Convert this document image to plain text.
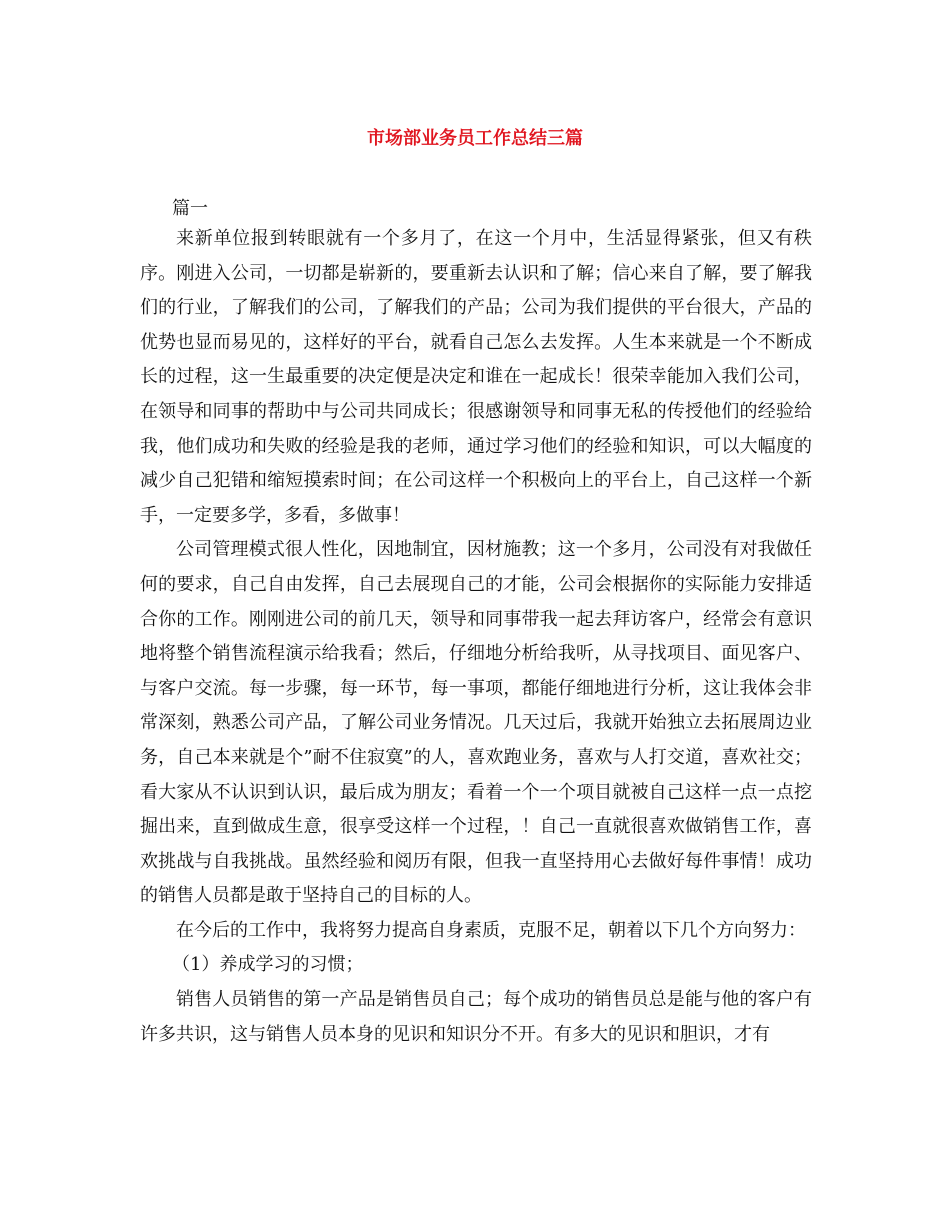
市场部业务员工作总结三篇
篇一

来新单位报到转眼就有一个多月了，在这一个月中，生活显得紧张，但又有秩序。刚进入公司，一切都是崭新的，要重新去认识和了解；信心来自了解，要了解我们的行业，了解我们的公司，了解我们的产品；公司为我们提供的平台很大，产品的优势也显而易见的，这样好的平台，就看自己怎么去发挥。人生本来就是一个不断成长的过程，这一生最重要的决定便是决定和谁在一起成长！很荣幸能加入我们公司，在领导和同事的帮助中与公司共同成长；很感谢领导和同事无私的传授他们的经验给我，他们成功和失败的经验是我的老师，通过学习他们的经验和知识，可以大幅度的减少自己犯错和缩短摸索时间；在公司这样一个积极向上的平台上，自己这样一个新手，一定要多学，多看，多做事！

公司管理模式很人性化，因地制宜，因材施教；这一个多月，公司没有对我做任何的要求，自己自由发挥，自己去展现自己的才能，公司会根据你的实际能力安排适合你的工作。刚刚进公司的前几天，领导和同事带我一起去拜访客户，经常会有意识地将整个销售流程演示给我看；然后，仔细地分析给我听，从寻找项目、面见客户、与客户交流。每一步骤，每一环节，每一事项，都能仔细地进行分析，这让我体会非常深刻，熟悉公司产品，了解公司业务情况。几天过后，我就开始独立去拓展周边业务，自己本来就是个”耐不住寂寞”的人，喜欢跑业务，喜欢与人打交道，喜欢社交；看大家从不认识到认识，最后成为朋友；看着一个一个项目就被自己这样一点一点挖掘出来，直到做成生意，很享受这样一个过程，！自己一直就很喜欢做销售工作，喜欢挑战与自我挑战。虽然经验和阅历有限，但我一直坚持用心去做好每件事情！成功的销售人员都是敢于坚持自己的目标的人。

在今后的工作中，我将努力提高自身素质，克服不足，朝着以下几个方向努力：

（1）养成学习的习惯；

销售人员销售的第一产品是销售员自己；每个成功的销售员总是能与他的客户有许多共识，这与销售人员本身的见识和知识分不开。有多大的见识和胆识，才有
